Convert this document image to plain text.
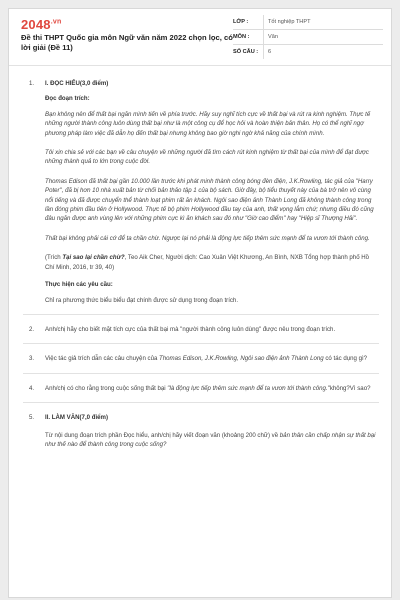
$2048^{.vn}$
Đề thi THPT Quốc gia môn Ngữ văn năm 2022 chọn lọc, có lời giải (Đề 11)
LỚP :	Tốt nghiệp THPT
MÔN :	Văn
SỐ CÂU :	6
1. I. ĐỌC HIỂU(3,0 điểm)

Đọc đoạn trích:

Bạn không nên để thất bại ngăn mình tiến về phía trước. Hãy suy nghĩ tích cực về thất bại và rút ra kinh nghiệm. Thực tế những người thành công luôn dùng thất bại như là một công cụ để học hỏi và hoàn thiện bản thân. Họ có thể nghĩ ngợ phương pháp làm việc đã dẫn họ đến thất bại nhưng không bao giờ nghi ngờ khả năng của chính mình.

Tôi xin chia sẻ với các bạn về câu chuyện về những người đã tìm cách rút kinh nghiệm từ thất bại của mình để đạt được những thành quả to lớn trong cuộc đời.

Thomas Edison đã thất bại gần 10.000 lần trước khi phát minh thành công bóng đèn điện, J.K.Rowling, tác giả của "Harry Poter", đã bị hơn 10 nhà xuất bản từ chối bản thảo tập 1 của bộ sách. Giờ đây, bộ tiểu thuyết này của bà trở nên vô cùng nổi tiếng và đã được chuyển thể thành loạt phim rất ăn khách. Ngôi sao điện ảnh Thành Long đã không thành công trong lần đóng phim đầu tiên ở Hollywood. Thực tế bộ phim Hollywood đầu tay của anh, thất vọng lắm chứ; nhưng điều đó cũng đâu ngăn được anh vùng lên với những phim cực kì ăn khách sau đó như "Giờ cao điểm" hay "Hiệp sĩ Thượng Hải".

Thất bại không phải cái cớ để ta chần chừ. Ngược lại nó phải là động lực tiếp thêm sức mạnh để ta vươn tới thành công.

(Trích Tại sao lại chần chừ?, Teo Aik Cher, Người dịch: Cao Xuân Việt Khương, An Bình, NXB Tổng hợp thành phố Hồ Chí Minh, 2016, tr 39, 40)

Thực hiện các yêu cầu:

Chỉ ra phương thức biểu biểu đạt chính được sử dụng trong đoạn trích.

2. Anh/chị hãy cho biết mặt tích cực của thất bại mà "người thành công luôn dùng" được nêu trong đoạn trích.

3. Việc tác giả trích dẫn các câu chuyện của Thomas Edison, J.K.Rowling, Ngôi sao điện ảnh Thành Long có tác dụng gì?

4. Anh/chị có cho rằng trong cuộc sống thất bại "là động lực tiếp thêm sức mạnh để ta vươn tới thành công."không?Vì sao?

5. II. LÀM VĂN(7,0 điểm)

Từ nội dung đoạn trích phần Đọc hiểu, anh/chị hãy viết đoạn văn (khoảng 200 chữ) về bản thân cần chấp nhận sự thất bại như thế nào để thành công trong cuộc sống?
